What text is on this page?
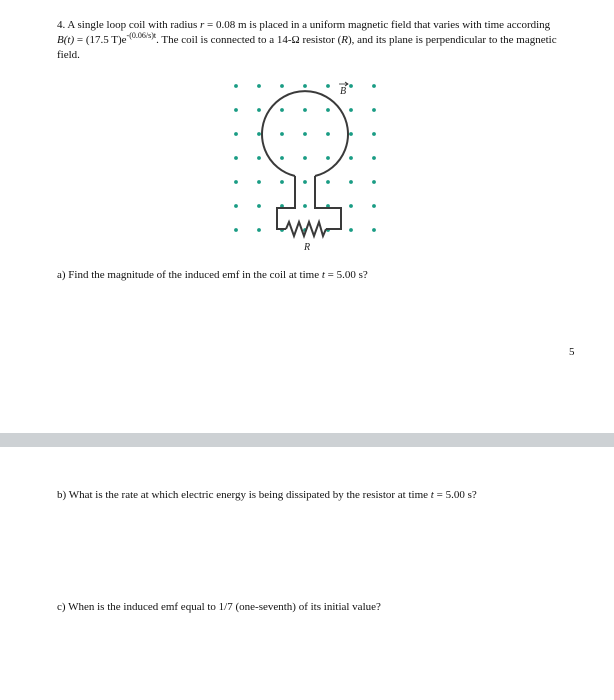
4. A single loop coil with radius r = 0.08 m is placed in a uniform magnetic field that varies with time according B(t) = (17.5 $T)e^{-(0.06/s)t}$. The coil is connected to a 14-Ω resistor (R), and its plane is perpendicular to the magnetic field.
B
R
a) Find the magnitude of the induced emf in the coil at time t = 5.00 s?
5
b) What is the rate at which electric energy is being dissipated by the resistor at time t = 5.00 s?
c) When is the induced emf equal to 1/7 (one-seventh) of its initial value?
